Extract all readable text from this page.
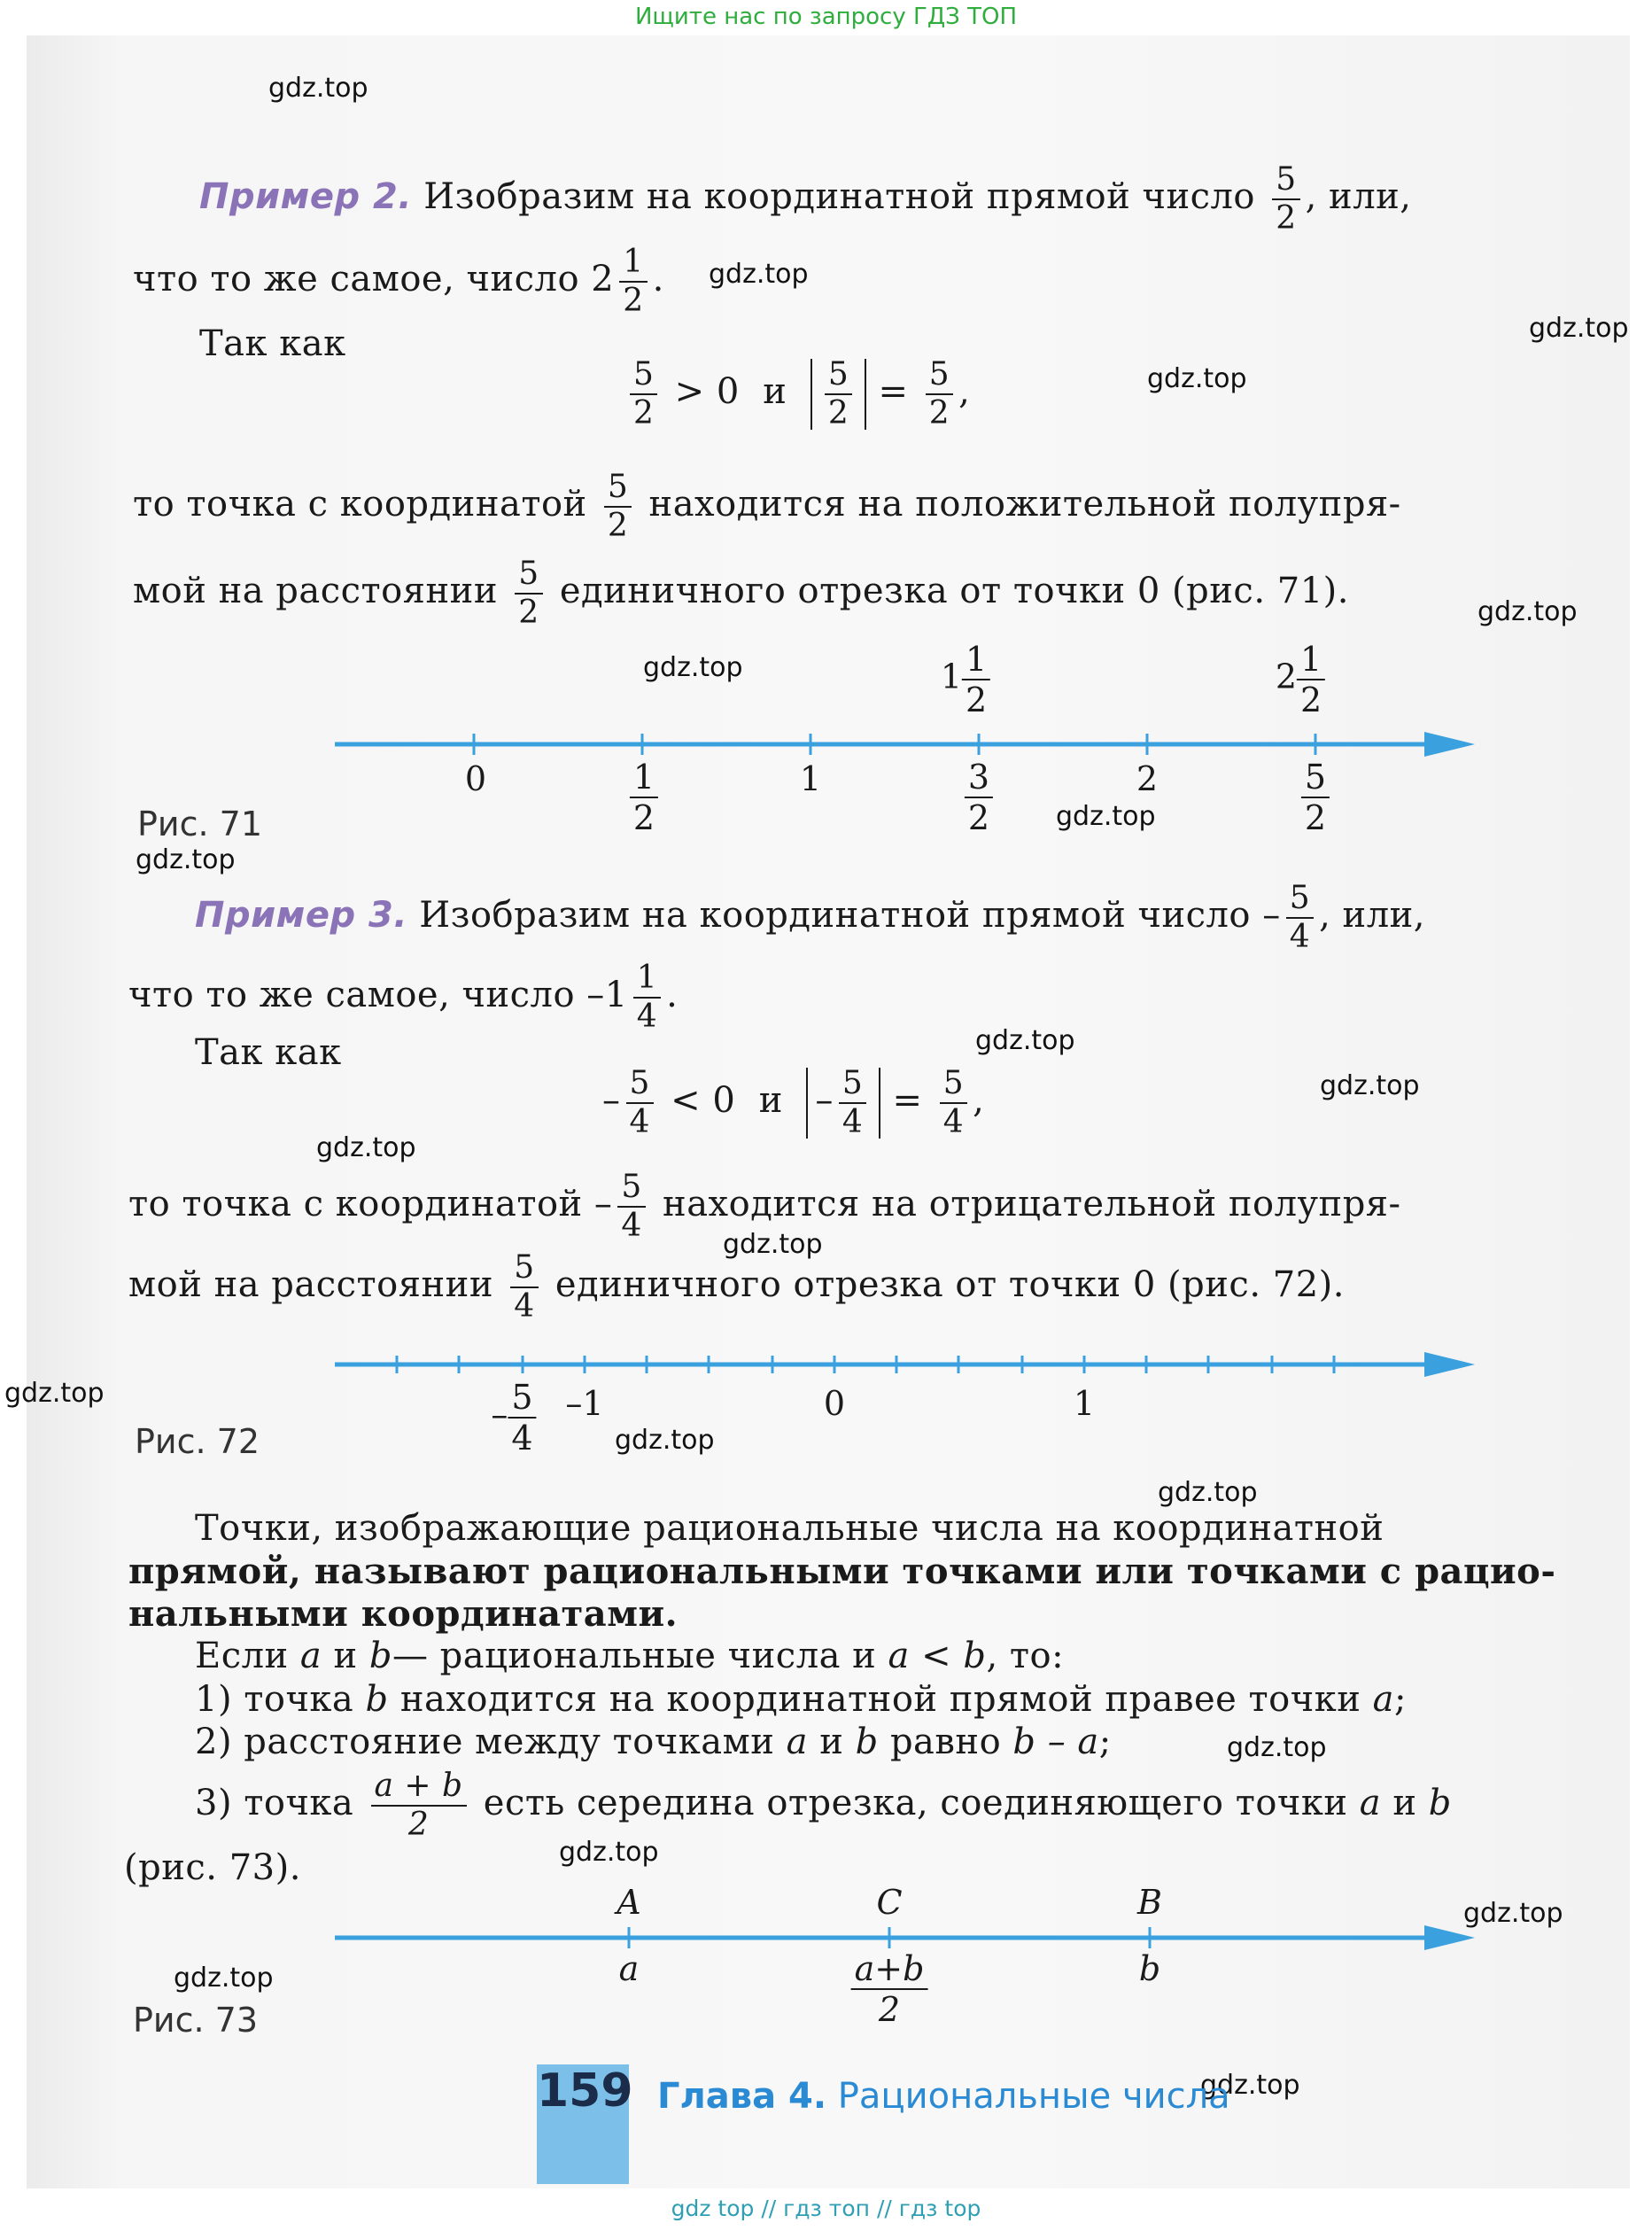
Ищите нас по запросу ГДЗ ТОП
gdz.top
gdz.top
gdz.top
gdz.top
gdz.top
gdz.top
gdz.top
gdz.top
gdz.top
gdz.top
gdz.top
gdz.top
gdz.top
gdz.top
gdz.top
gdz.top
gdz.top
gdz.top
gdz.top
gdz.top
Пример 2. Изобразим на координатной прямой число $\frac{5}{2}$ , или,
что то же самое, число $2 \frac{1}{2}$ .
Так как
$\frac{5}{2} > 0$ и $\frac{5}{2} = \frac{5}{2}$ ,
то точка с координатой $\frac{5}{2}$ находится на положительной полупря-
мой на расстоянии $\frac{5}{2}$ единичного отрезка от точки 0 (рис. 71).
0	$\frac{1}{2}$	1	$\frac{3}{2}$	2	$\frac{5}{2}$
$1 \frac{1}{2}$	$2 \frac{1}{2}$
Рис. 71
Пример 3. Изобразим на координатной прямой число – $\frac{5}{4}$ , или,
что то же самое, число $-1 \frac{1}{4}$ .
Так как
– $\frac{5}{4} < 0$ $и - \frac{5}{4} = \frac{5}{4}$ ,
то точка с координатой – $\frac{5}{4}$ находится на отрицательной полупря-
мой на расстоянии $\frac{5}{4}$ единичного отрезка от точки 0 (рис. 72).
– $\frac{5}{4} -1$	0	1
Рис. 72
Точки, изображающие рациональные числа на координатной
прямой, называют рациональными точками или точками с рацио-
нальными координатами.
Если a и b— рациональные числа и a < b, то:
1) точка b находится на координатной прямой правее точки a;
2) расстояние между точками a и b равно b – a;
3) точка $\frac{a + b}{2}$ есть середина отрезка, соединяющего точки a и b
(рис. 73).
A	C	B
a	$\frac{a+b}{2}$	b
Рис. 73
159 Глава 4. Рациональные числа
gdz top // гдз топ // гдз top
